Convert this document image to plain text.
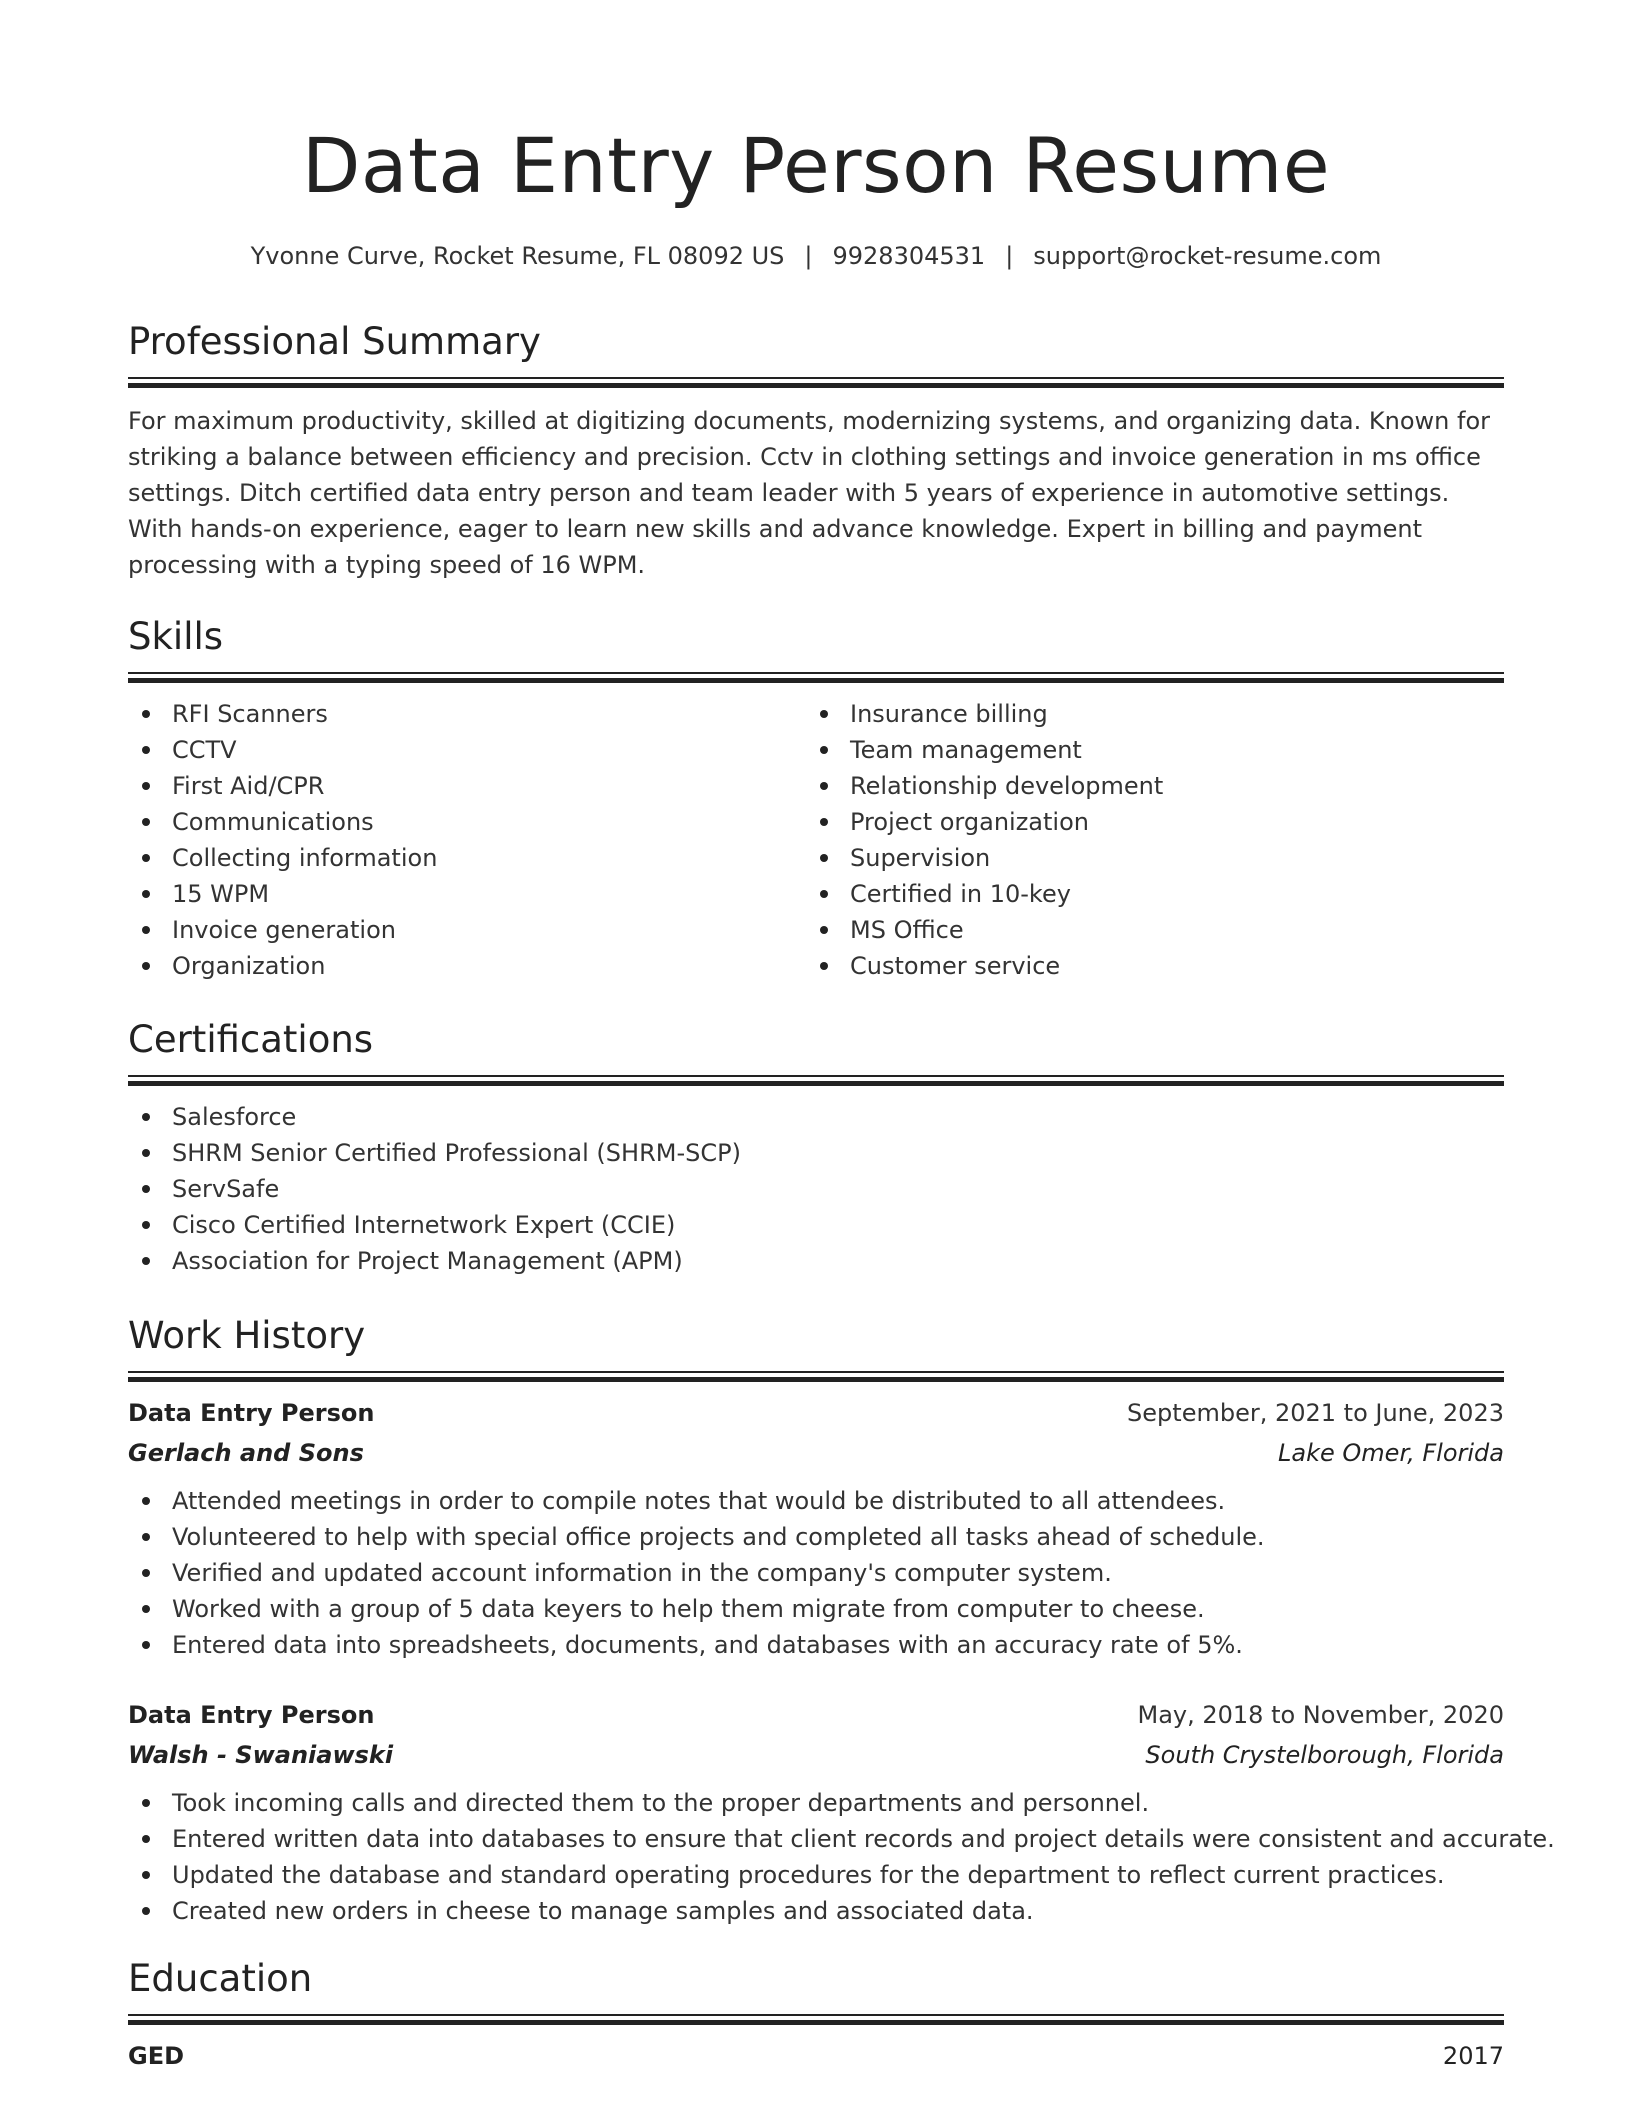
Data Entry Person Resume
Yvonne Curve, Rocket Resume, FL 08092 US | 9928304531 | support@rocket-resume.com
Professional Summary

For maximum productivity, skilled at digitizing documents, modernizing systems, and organizing data. Known for striking a balance between efficiency and precision. Cctv in clothing settings and invoice generation in ms office settings. Ditch certified data entry person and team leader with 5 years of experience in automotive settings. With hands-on experience, eager to learn new skills and advance knowledge. Expert in billing and payment processing with a typing speed of 16 WPM.

Skills
RFI Scanners
CCTV
First Aid/CPR
Communications
Collecting information
15 WPM
Invoice generation
Organization
Insurance billing
Team management
Relationship development
Project organization
Supervision
Certified in 10-key
MS Office
Customer service
Certifications
Salesforce
SHRM Senior Certified Professional (SHRM-SCP)
ServSafe
Cisco Certified Internetwork Expert (CCIE)
Association for Project Management (APM)
Work History
Data Entry Person	September, 2021 to June, 2023
Gerlach and Sons	Lake Omer, Florida
Attended meetings in order to compile notes that would be distributed to all attendees.
Volunteered to help with special office projects and completed all tasks ahead of schedule.
Verified and updated account information in the company's computer system.
Worked with a group of 5 data keyers to help them migrate from computer to cheese.
Entered data into spreadsheets, documents, and databases with an accuracy rate of 5%.
Data Entry Person	May, 2018 to November, 2020
Walsh - Swaniawski	South Crystelborough, Florida
Took incoming calls and directed them to the proper departments and personnel.
Entered written data into databases to ensure that client records and project details were consistent and accurate.
Updated the database and standard operating procedures for the department to reflect current practices.
Created new orders in cheese to manage samples and associated data.
Education
GED	2017
